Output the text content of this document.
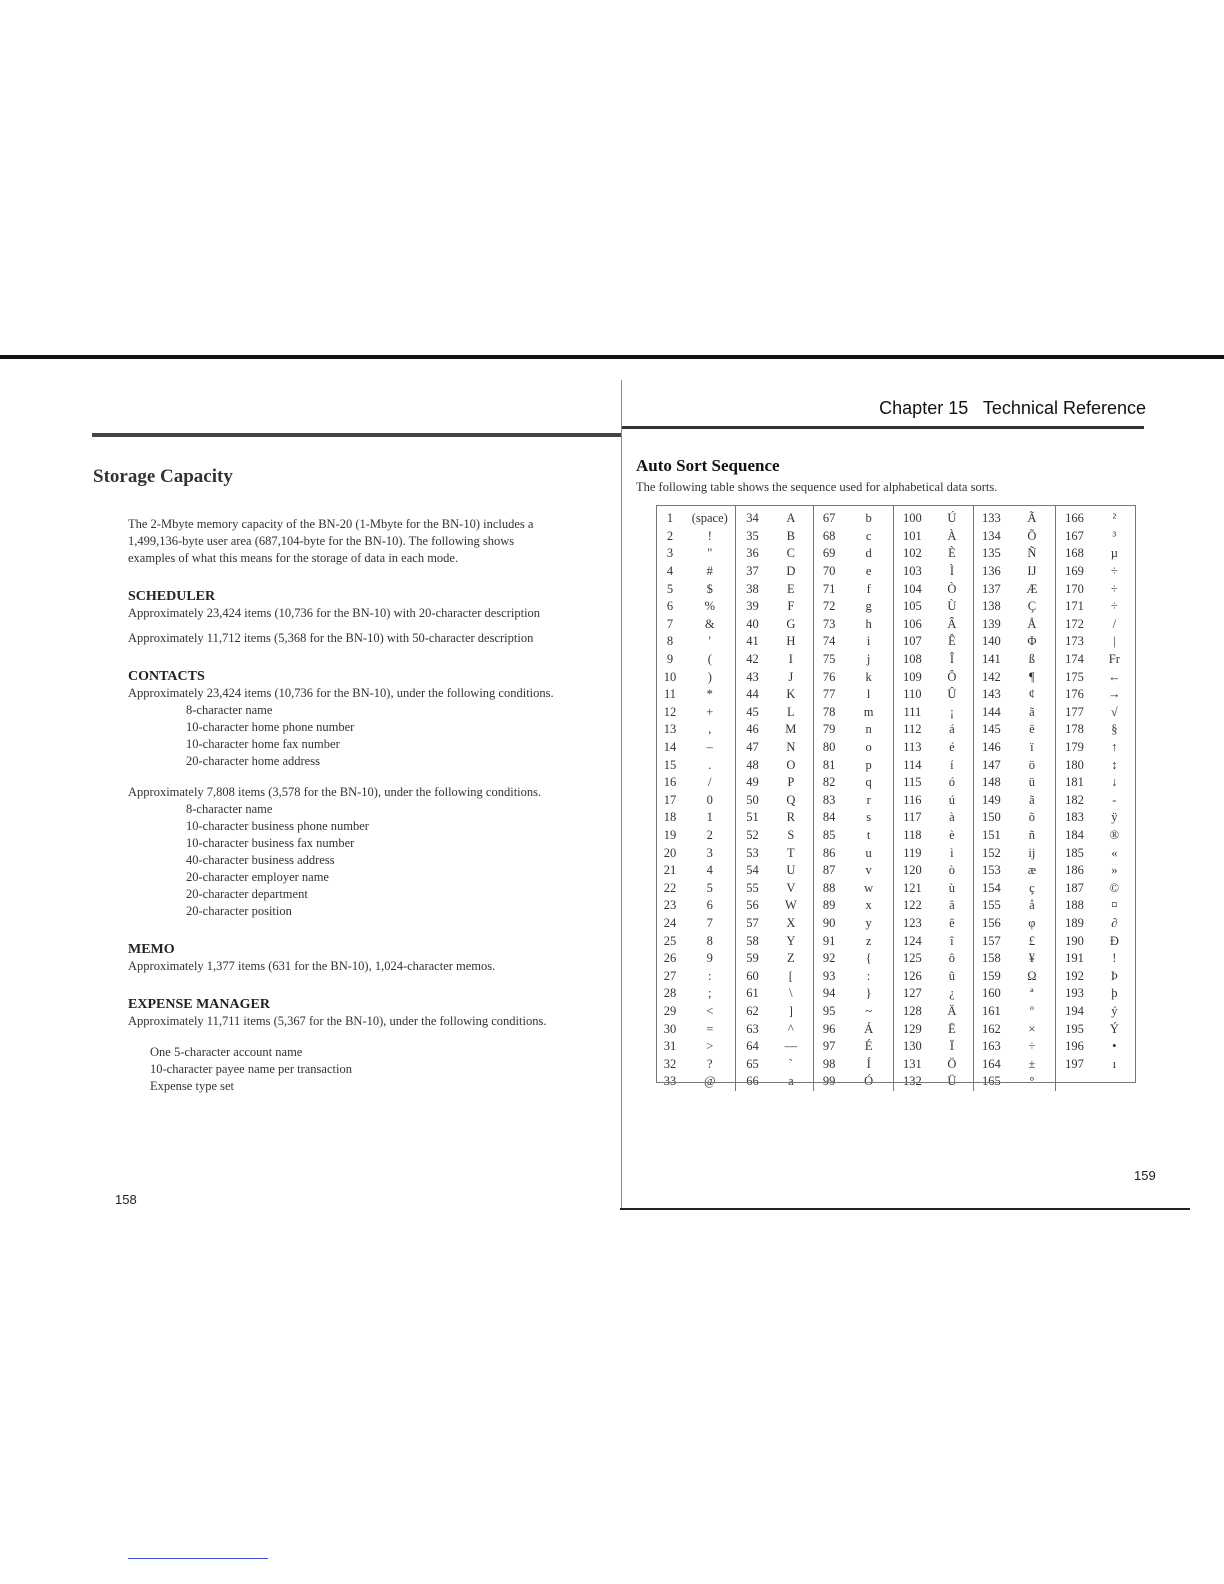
Chapter 15 Technical Reference
Storage Capacity
The 2-Mbyte memory capacity of the BN-20 (1-Mbyte for the BN-10) includes a
1,499,136-byte user area (687,104-byte for the BN-10). The following shows
examples of what this means for the storage of data in each mode.
SCHEDULER
Approximately 23,424 items (10,736 for the BN-10) with 20-character description
Approximately 11,712 items (5,368 for the BN-10) with 50-character description
CONTACTS
Approximately 23,424 items (10,736 for the BN-10), under the following conditions.
8-character name
10-character home phone number
10-character home fax number
20-character home address
Approximately 7,808 items (3,578 for the BN-10), under the following conditions.
8-character name
10-character business phone number
10-character business fax number
40-character business address
20-character employer name
20-character department
20-character position
MEMO
Approximately 1,377 items (631 for the BN-10), 1,024-character memos.
EXPENSE MANAGER
Approximately 11,711 items (5,367 for the BN-10), under the following conditions.
One 5-character account name
10-character payee name per transaction
Expense type set
158
Auto Sort Sequence

The following table shows the sequence used for alphabetical data sorts.

1	(space)	34	A	67	b	100	Ú	133	Ã	166	²
2	!	35	B	68	c	101	À	134	Õ	167	³
3	"	36	C	69	d	102	È	135	Ñ	168	µ
4	#	37	D	70	e	103	Ì	136	IJ	169	÷
5	$	38	E	71	f	104	Ò	137	Æ	170	÷
6	%	39	F	72	g	105	Ù	138	Ç	171	÷
7	&	40	G	73	h	106	Â	139	Å	172	/
8	'	41	H	74	i	107	Ê	140	Φ	173	|
9	(	42	I	75	j	108	Î	141	ß	174	Fr
10	)	43	J	76	k	109	Ô	142	¶	175	←
11	*	44	K	77	l	110	Û	143	¢	176	→
12	+	45	L	78	m	111	¡	144	ã	177	√
13	,	46	M	79	n	112	á	145	ë	178	§
14	–	47	N	80	o	113	é	146	ï	179	↑
15	.	48	O	81	p	114	í	147	ö	180	↕
16	/	49	P	82	q	115	ó	148	ü	181	↓
17	0	50	Q	83	r	116	ú	149	ã	182	-
18	1	51	R	84	s	117	à	150	õ	183	ÿ
19	2	52	S	85	t	118	è	151	ñ	184	®
20	3	53	T	86	u	119	ì	152	ij	185	«
21	4	54	U	87	v	120	ò	153	æ	186	»
22	5	55	V	88	w	121	ù	154	ç	187	©
23	6	56	W	89	x	122	â	155	å	188	¤
24	7	57	X	90	y	123	ê	156	φ	189	∂
25	8	58	Y	91	z	124	î	157	£	190	Ð
26	9	59	Z	92	{	125	ô	158	¥	191	!
27	:	60	[	93	:	126	û	159	Ω	192	Þ
28	;	61	\	94	}	127	¿	160	ª	193	þ
29	<	62	]	95	~	128	Ä	161	º	194	ý
30	=	63	^	96	Á	129	Ë	162	×	195	Ý
31	>	64	—	97	É	130	Ï	163	÷	196	•
32	?	65	`	98	Í	131	Ö	164	±	197	ı
33	@	66	a	99	Ó	132	Ü	165	°		
159
